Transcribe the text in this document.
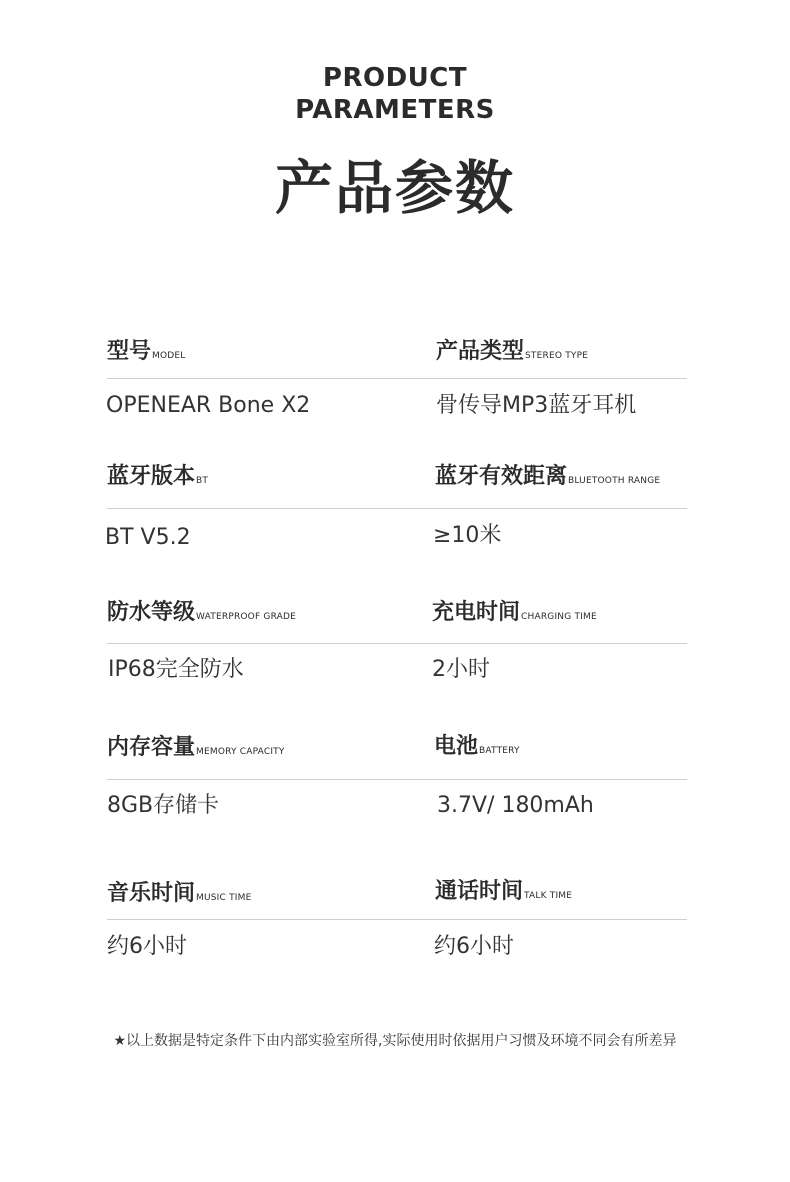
PRODUCT
PARAMETERS
产品参数
型号MODEL	产品类型STEREO TYPE
OPENEAR Bone X2	骨传导MP3蓝牙耳机
蓝牙版本BT	蓝牙有效距离BLUETOOTH RANGE
BT V5.2	≥10米
防水等级WATERPROOF GRADE	充电时间CHARGING TIME
IP68完全防水	2小时
内存容量MEMORY CAPACITY	电池BATTERY
8GB存储卡	3.7V/ 180mAh
音乐时间MUSIC TIME	通话时间TALK TIME
约6小时	约6小时
★以上数据是特定条件下由内部实验室所得,实际使用时依据用户习惯及环境不同会有所差异
